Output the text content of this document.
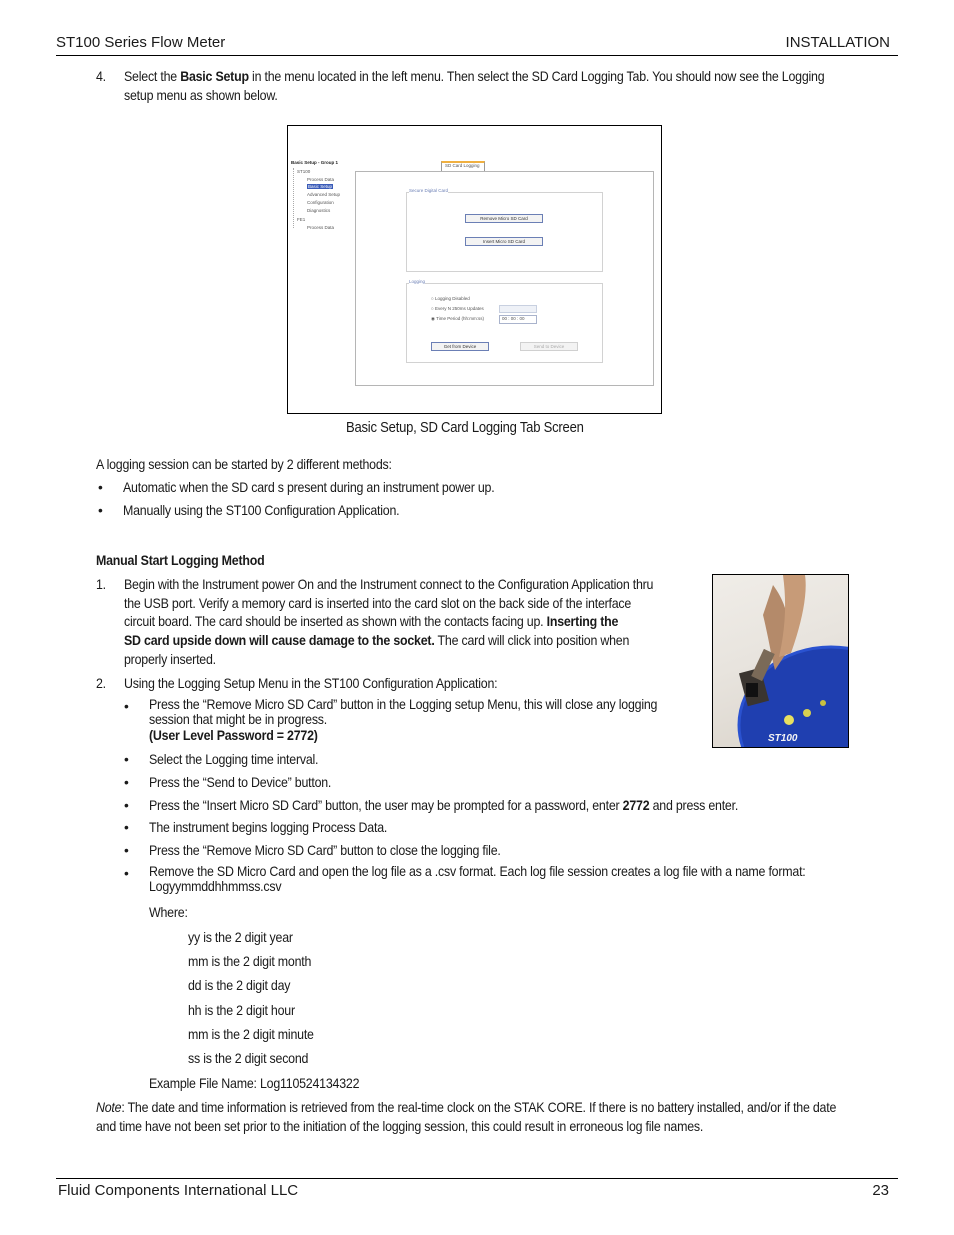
ST100 Series Flow Meter	INSTALLATION
4. Select the Basic Setup in the menu located in the left menu. Then select the SD Card Logging Tab. You should now see the Logging
setup menu as shown below.
Basic Setup - Group 1
ST100
Process Data
Basic Setup
Advanced Setup
Configuration
Diagnostics
FE1
Process Data
SD Card Logging
Secure Digital Card
Remove Micro SD Card
Insert Micro SD Card
Logging
○ Logging Disabled
○ Every N 250ms Updates
◉ Time Period (hh:mm:ss)	00 : 00 : 00
Get from Device	Send to Device
Basic Setup, SD Card Logging Tab Screen
A logging session can be started by 2 different methods:
• Automatic when the SD card s present during an instrument power up.
• Manually using the ST100 Configuration Application.
Manual Start Logging Method
1. Begin with the Instrument power On and the Instrument connect to the Configuration Application thru
the USB port. Verify a memory card is inserted into the card slot on the back side of the interface
circuit board. The card should be inserted as shown with the contacts facing up. Inserting the
SD card upside down will cause damage to the socket. The card will click into position when
properly inserted.
ST100
2. Using the Logging Setup Menu in the ST100 Configuration Application:
• Press the “Remove Micro SD Card” button in the Logging setup Menu, this will close any logging
session that might be in progress.
(User Level Password = 2772)
• Select the Logging time interval.
• Press the “Send to Device” button.
• Press the “Insert Micro SD Card” button, the user may be prompted for a password, enter 2772 and press enter.
• The instrument begins logging Process Data.
• Press the “Remove Micro SD Card” button to close the logging file.
• Remove the SD Micro Card and open the log file as a .csv format. Each log file session creates a log file with a name format:
Logyymmddhhmmss.csv
Where:
yy is the 2 digit year
mm is the 2 digit month
dd is the 2 digit day
hh is the 2 digit hour
mm is the 2 digit minute
ss is the 2 digit second
Example File Name: Log110524134322
Note: The date and time information is retrieved from the real-time clock on the STAK CORE. If there is no battery installed, and/or if the date
and time have not been set prior to the initiation of the logging session, this could result in erroneous log file names.
Fluid Components International LLC	23
